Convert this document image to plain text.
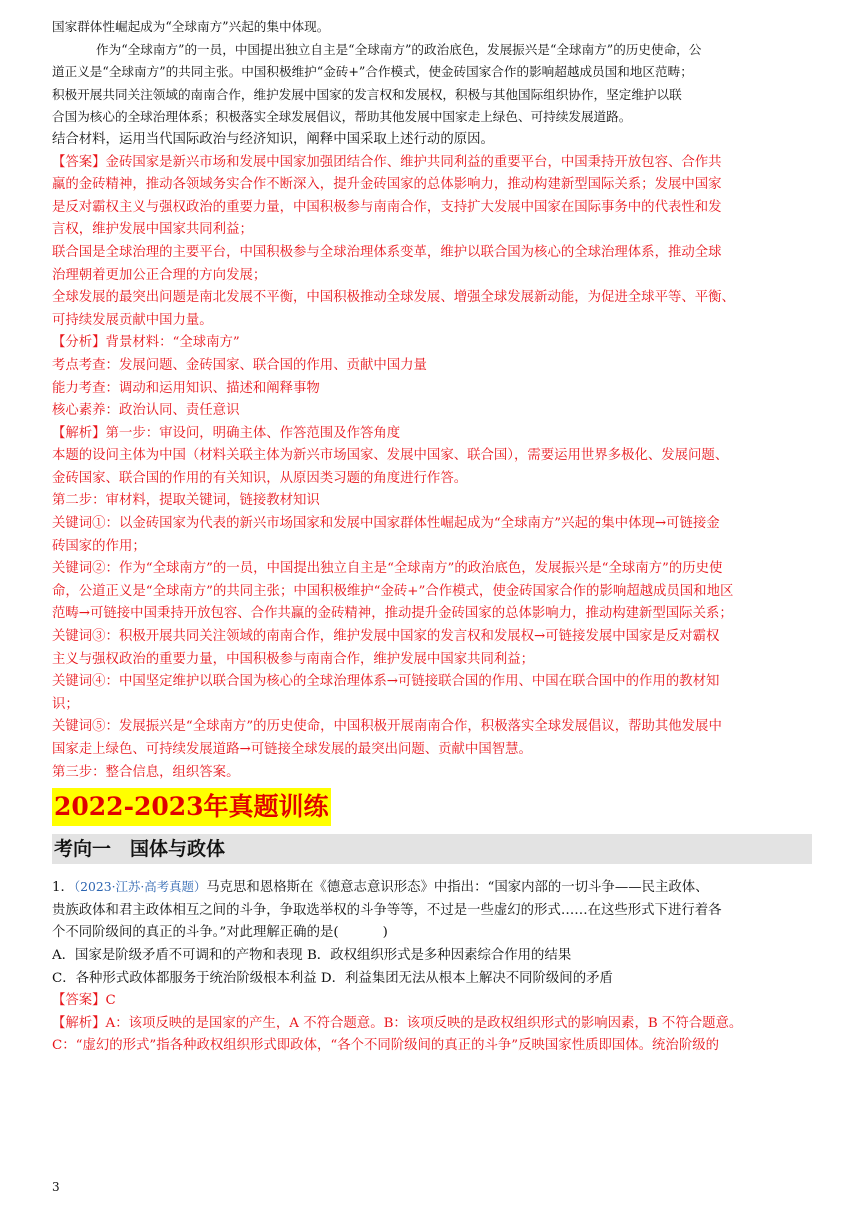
国家群体性崛起成为“全球南方”兴起的集中体现。
作为“全球南方”的一员，中国提出独立自主是“全球南方”的政治底色，发展振兴是“全球南方”的历史使命，公
道正义是“全球南方”的共同主张。中国积极维护“金砖+”合作模式，使金砖国家合作的影响超越成员国和地区范畴；
积极开展共同关注领域的南南合作，维护发展中国家的发言权和发展权，积极与其他国际组织协作，坚定维护以联
合国为核心的全球治理体系；积极落实全球发展倡议，帮助其他发展中国家走上绿色、可持续发展道路。
结合材料，运用当代国际政治与经济知识，阐释中国采取上述行动的原因。
【答案】金砖国家是新兴市场和发展中国家加强团结合作、维护共同利益的重要平台，中国秉持开放包容、合作共
赢的金砖精神，推动各领域务实合作不断深入，提升金砖国家的总体影响力，推动构建新型国际关系；发展中国家
是反对霸权主义与强权政治的重要力量，中国积极参与南南合作，支持扩大发展中国家在国际事务中的代表性和发
言权，维护发展中国家共同利益；
联合国是全球治理的主要平台，中国积极参与全球治理体系变革，维护以联合国为核心的全球治理体系，推动全球
治理朝着更加公正合理的方向发展；
全球发展的最突出问题是南北发展不平衡，中国积极推动全球发展、增强全球发展新动能，为促进全球平等、平衡、
可持续发展贡献中国力量。
【分析】背景材料：“全球南方”
考点考查：发展问题、金砖国家、联合国的作用、贡献中国力量
能力考查：调动和运用知识、描述和阐释事物
核心素养：政治认同、责任意识
【解析】第一步：审设问，明确主体、作答范围及作答角度
本题的设问主体为中国（材料关联主体为新兴市场国家、发展中国家、联合国），需要运用世界多极化、发展问题、
金砖国家、联合国的作用的有关知识，从原因类习题的角度进行作答。
第二步：审材料，提取关键词，链接教材知识
关键词①：以金砖国家为代表的新兴市场国家和发展中国家群体性崛起成为“全球南方”兴起的集中体现→可链接金
砖国家的作用；
关键词②：作为“全球南方”的一员，中国提出独立自主是“全球南方”的政治底色，发展振兴是“全球南方”的历史使
命，公道正义是“全球南方”的共同主张；中国积极维护“金砖+”合作模式，使金砖国家合作的影响超越成员国和地区
范畴→可链接中国秉持开放包容、合作共赢的金砖精神，推动提升金砖国家的总体影响力，推动构建新型国际关系；
关键词③：积极开展共同关注领域的南南合作，维护发展中国家的发言权和发展权→可链接发展中国家是反对霸权
主义与强权政治的重要力量，中国积极参与南南合作，维护发展中国家共同利益；
关键词④：中国坚定维护以联合国为核心的全球治理体系→可链接联合国的作用、中国在联合国中的作用的教材知
识；
关键词⑤：发展振兴是“全球南方”的历史使命，中国积极开展南南合作，积极落实全球发展倡议，帮助其他发展中
国家走上绿色、可持续发展道路→可链接全球发展的最突出问题、贡献中国智慧。
第三步：整合信息，组织答案。
2022-2023年真题训练
考向一　国体与政体
1．（2023·江苏·高考真题）马克思和恩格斯在《德意志意识形态》中指出：“国家内部的一切斗争——民主政体、
贵族政体和君主政体相互之间的斗争，争取选举权的斗争等等，不过是一些虚幻的形式……在这些形式下进行着各
个不同阶级间的真正的斗争。”对此理解正确的是(	)
A．国家是阶级矛盾不可调和的产物和表现 B．政权组织形式是多种因素综合作用的结果
C．各种形式政体都服务于统治阶级根本利益 D．利益集团无法从根本上解决不同阶级间的矛盾
【答案】C
【解析】A：该项反映的是国家的产生，A 不符合题意。B：该项反映的是政权组织形式的影响因素，B 不符合题意。
C：“虚幻的形式”指各种政权组织形式即政体，“各个不同阶级间的真正的斗争”反映国家性质即国体。统治阶级的
3
